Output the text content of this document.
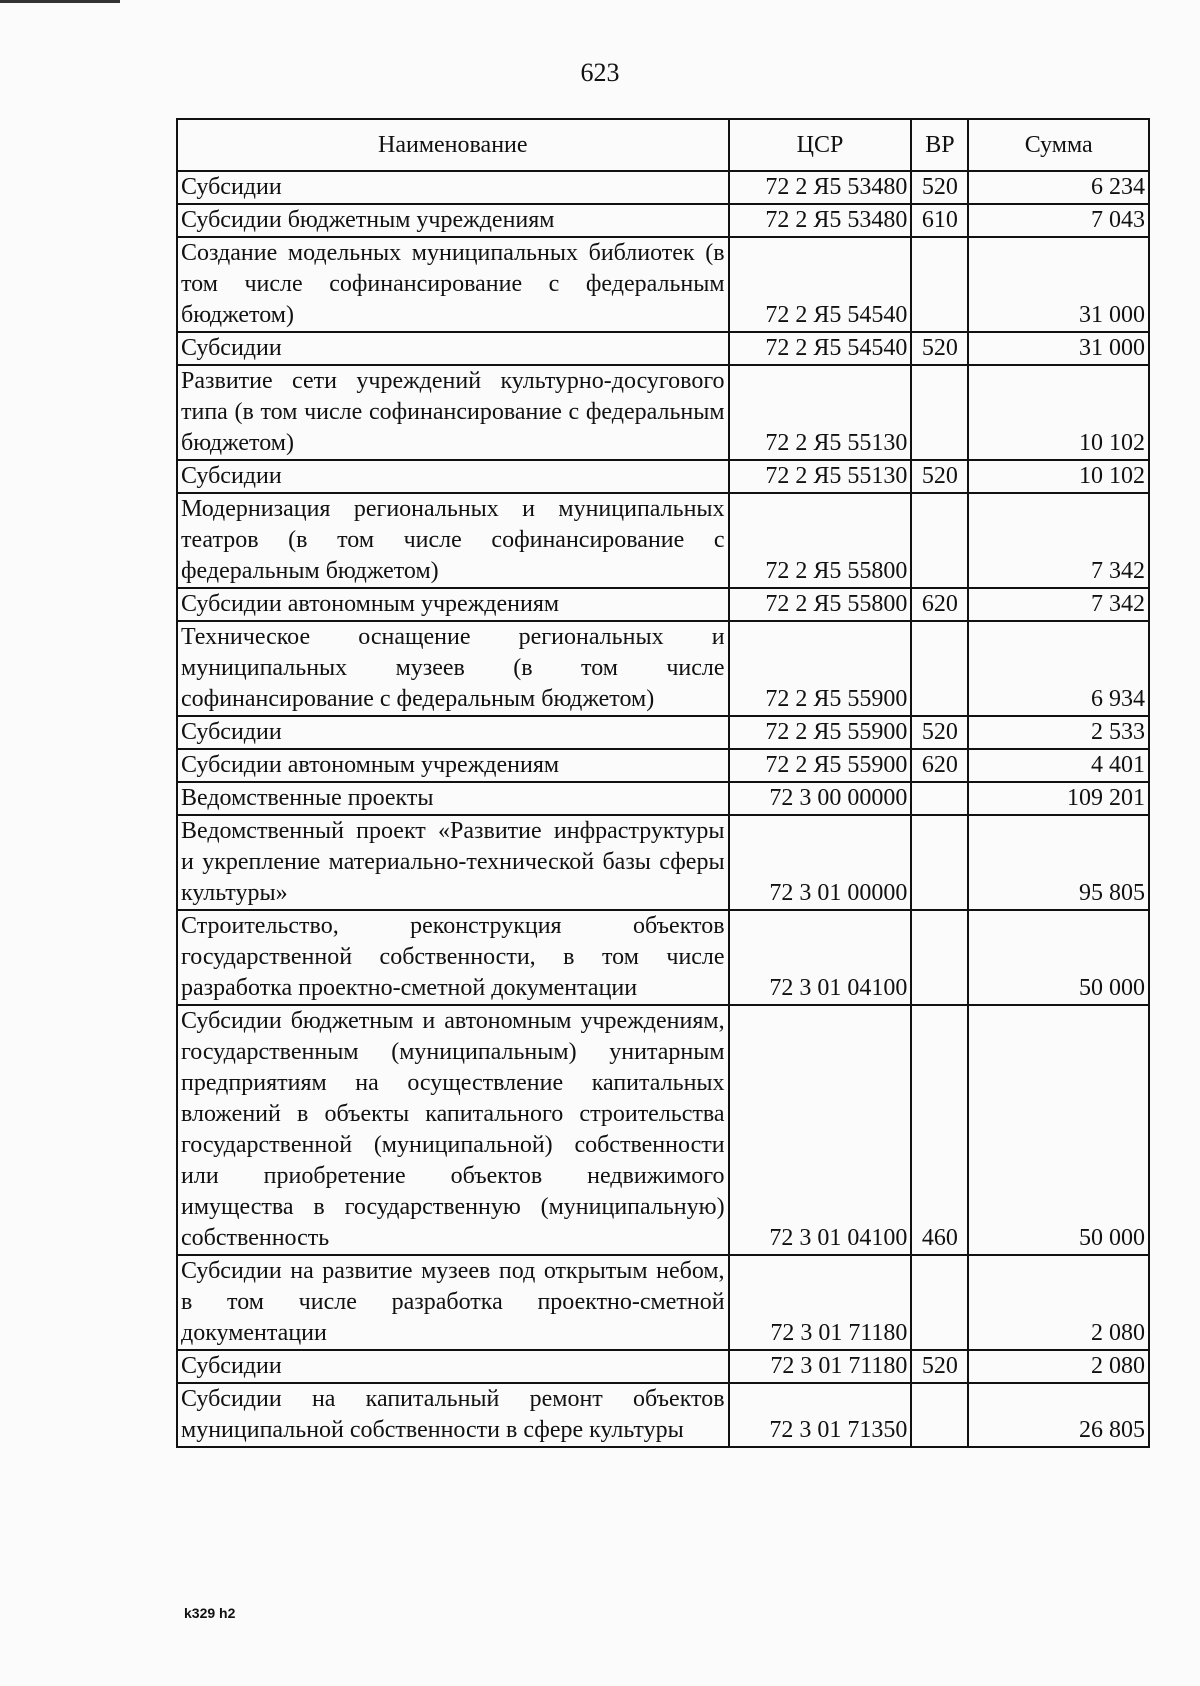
623
Наименование	ЦСР	ВР	Сумма
Субсидии	72 2 Я5 53480	520	6 234
Субсидии бюджетным учреждениям	72 2 Я5 53480	610	7 043
Создание модельных муниципальных библиотек (в том числе софинансирование с федеральным бюджетом)	72 2 Я5 54540		31 000
Субсидии	72 2 Я5 54540	520	31 000
Развитие сети учреждений культурно-досугового типа (в том числе софинансирование с федеральным бюджетом)	72 2 Я5 55130		10 102
Субсидии	72 2 Я5 55130	520	10 102
Модернизация региональных и муниципальных театров (в том числе софинансирование с федеральным бюджетом)	72 2 Я5 55800		7 342
Субсидии автономным учреждениям	72 2 Я5 55800	620	7 342
Техническое оснащение региональных и муниципальных музеев (в том числе софинансирование с федеральным бюджетом)	72 2 Я5 55900		6 934
Субсидии	72 2 Я5 55900	520	2 533
Субсидии автономным учреждениям	72 2 Я5 55900	620	4 401
Ведомственные проекты	72 3 00 00000		109 201
Ведомственный проект «Развитие инфраструктуры и укрепление материально-технической базы сферы культуры»	72 3 01 00000		95 805
Строительство, реконструкция объектов государственной собственности, в том числе разработка проектно-сметной документации	72 3 01 04100		50 000
Субсидии бюджетным и автономным учреждениям, государственным (муниципальным) унитарным предприятиям на осуществление капитальных вложений в объекты капитального строительства государственной (муниципальной) собственности или приобретение объектов недвижимого имущества в государственную (муниципальную) собственность	72 3 01 04100	460	50 000
Субсидии на развитие музеев под открытым небом, в том числе разработка проектно-сметной документации	72 3 01 71180		2 080
Субсидии	72 3 01 71180	520	2 080
Субсидии на капитальный ремонт объектов муниципальной собственности в сфере культуры	72 3 01 71350		26 805
k329 h2
